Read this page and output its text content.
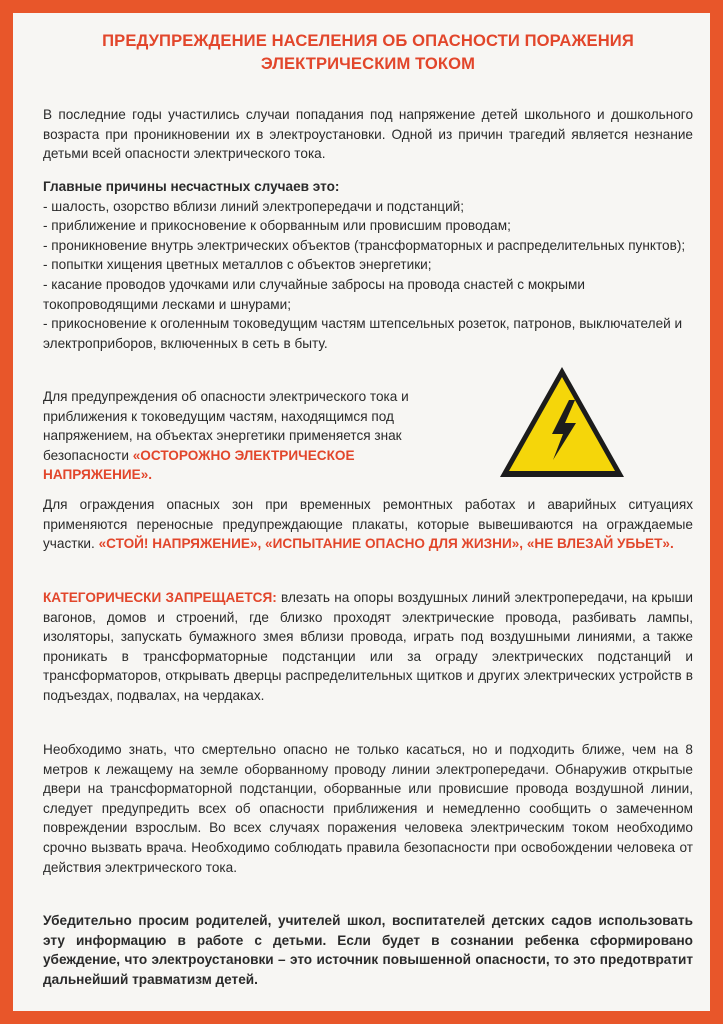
ПРЕДУПРЕЖДЕНИЕ НАСЕЛЕНИЯ ОБ ОПАСНОСТИ ПОРАЖЕНИЯ
ЭЛЕКТРИЧЕСКИМ ТОКОМ

В последние годы участились случаи попадания под напряжение детей школьного и дошкольного возраста при проникновении их в электроустановки. Одной из причин трагедий является незнание детьми всей опасности электрического тока.

Главные причины несчастных случаев это:

- шалость, озорство вблизи линий электропередачи и подстанций;

- приближение и прикосновение к оборванным или провисшим проводам;

- проникновение внутрь электрических объектов (трансформаторных и распределительных пунктов);

- попытки хищения цветных металлов с объектов энергетики;

- касание проводов удочками или случайные забросы на провода снастей с мокрыми токопроводящими лесками и шнурами;

- прикосновение к оголенным токоведущим частям штепсельных розеток, патронов, выключателей и электроприборов, включенных в сеть в быту.

Для предупреждения об опасности электрического тока и приближения к токоведущим частям, находящимся под напряжением, на объектах энергетики применяется знак безопасности «ОСТОРОЖНО ЭЛЕКТРИЧЕСКОЕ НАПРЯЖЕНИЕ».

Для ограждения опасных зон при временных ремонтных работах и аварийных ситуациях применяются переносные предупреждающие плакаты, которые вывешиваются на ограждаемые участки. «СТОЙ! НАПРЯЖЕНИЕ», «ИСПЫТАНИЕ ОПАСНО ДЛЯ ЖИЗНИ», «НЕ ВЛЕЗАЙ УБЬЕТ».

КАТЕГОРИЧЕСКИ ЗАПРЕЩАЕТСЯ: влезать на опоры воздушных линий электропередачи, на крыши вагонов, домов и строений, где близко проходят электрические провода, разбивать лампы, изоляторы, запускать бумажного змея вблизи провода, играть под воздушными линиями, а также проникать в трансформаторные подстанции или за ограду электрических подстанций и трансформаторов, открывать дверцы распределительных щитков и других электрических устройств в подъездах, подвалах, на чердаках.

Необходимо знать, что смертельно опасно не только касаться, но и подходить ближе, чем на 8 метров к лежащему на земле оборванному проводу линии электропередачи. Обнаружив открытые двери на трансформаторной подстанции, оборванные или провисшие провода воздушной линии, следует предупредить всех об опасности приближения и немедленно сообщить о замеченном повреждении взрослым. Во всех случаях поражения человека электрическим током необходимо срочно вызвать врача. Необходимо соблюдать правила безопасности при освобождении человека от действия электрического тока.

Убедительно просим родителей, учителей школ, воспитателей детских садов использовать эту информацию в работе с детьми. Если будет в сознании ребенка сформировано убеждение, что электроустановки – это источник повышенной опасности, то это предотвратит дальнейший травматизм детей.
